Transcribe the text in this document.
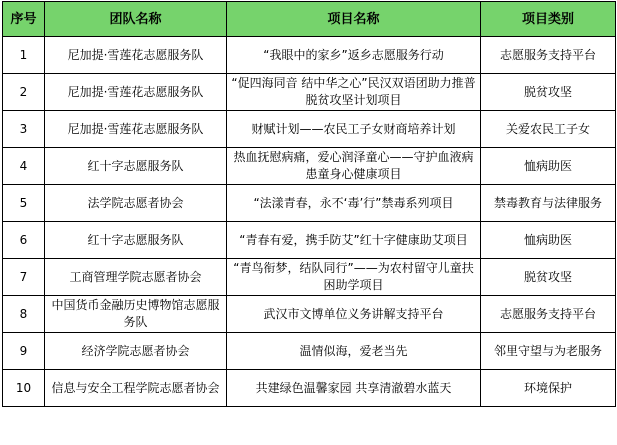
序号	团队名称	项目名称	项目类别
1	尼加提·雪莲花志愿服务队	“我眼中的家乡”返乡志愿服务行动	志愿服务支持平台
2	尼加提·雪莲花志愿服务队	“促四海同音 结中华之心”民汉双语团助力推普脱贫攻坚计划项目	脱贫攻坚
3	尼加提·雪莲花志愿服务队	财赋计划——农民工子女财商培养计划	关爱农民工子女
4	红十字志愿服务队	热血抚慰病痛，爱心润泽童心——守护血液病患童身心健康项目	恤病助医
5	法学院志愿者协会	“法漾青春，永不‘毒’行”禁毒系列项目	禁毒教育与法律服务
6	红十字志愿服务队	“青春有爱，携手防艾”红十字健康助艾项目	恤病助医
7	工商管理学院志愿者协会	“青鸟衔梦，结队同行”——为农村留守儿童扶困助学项目	脱贫攻坚
8	中国货币金融历史博物馆志愿服务队	武汉市文博单位义务讲解支持平台	志愿服务支持平台
9	经济学院志愿者协会	温情似海，爱老当先	邻里守望与为老服务
10	信息与安全工程学院志愿者协会	共建绿色温馨家园 共享清澈碧水蓝天	环境保护
